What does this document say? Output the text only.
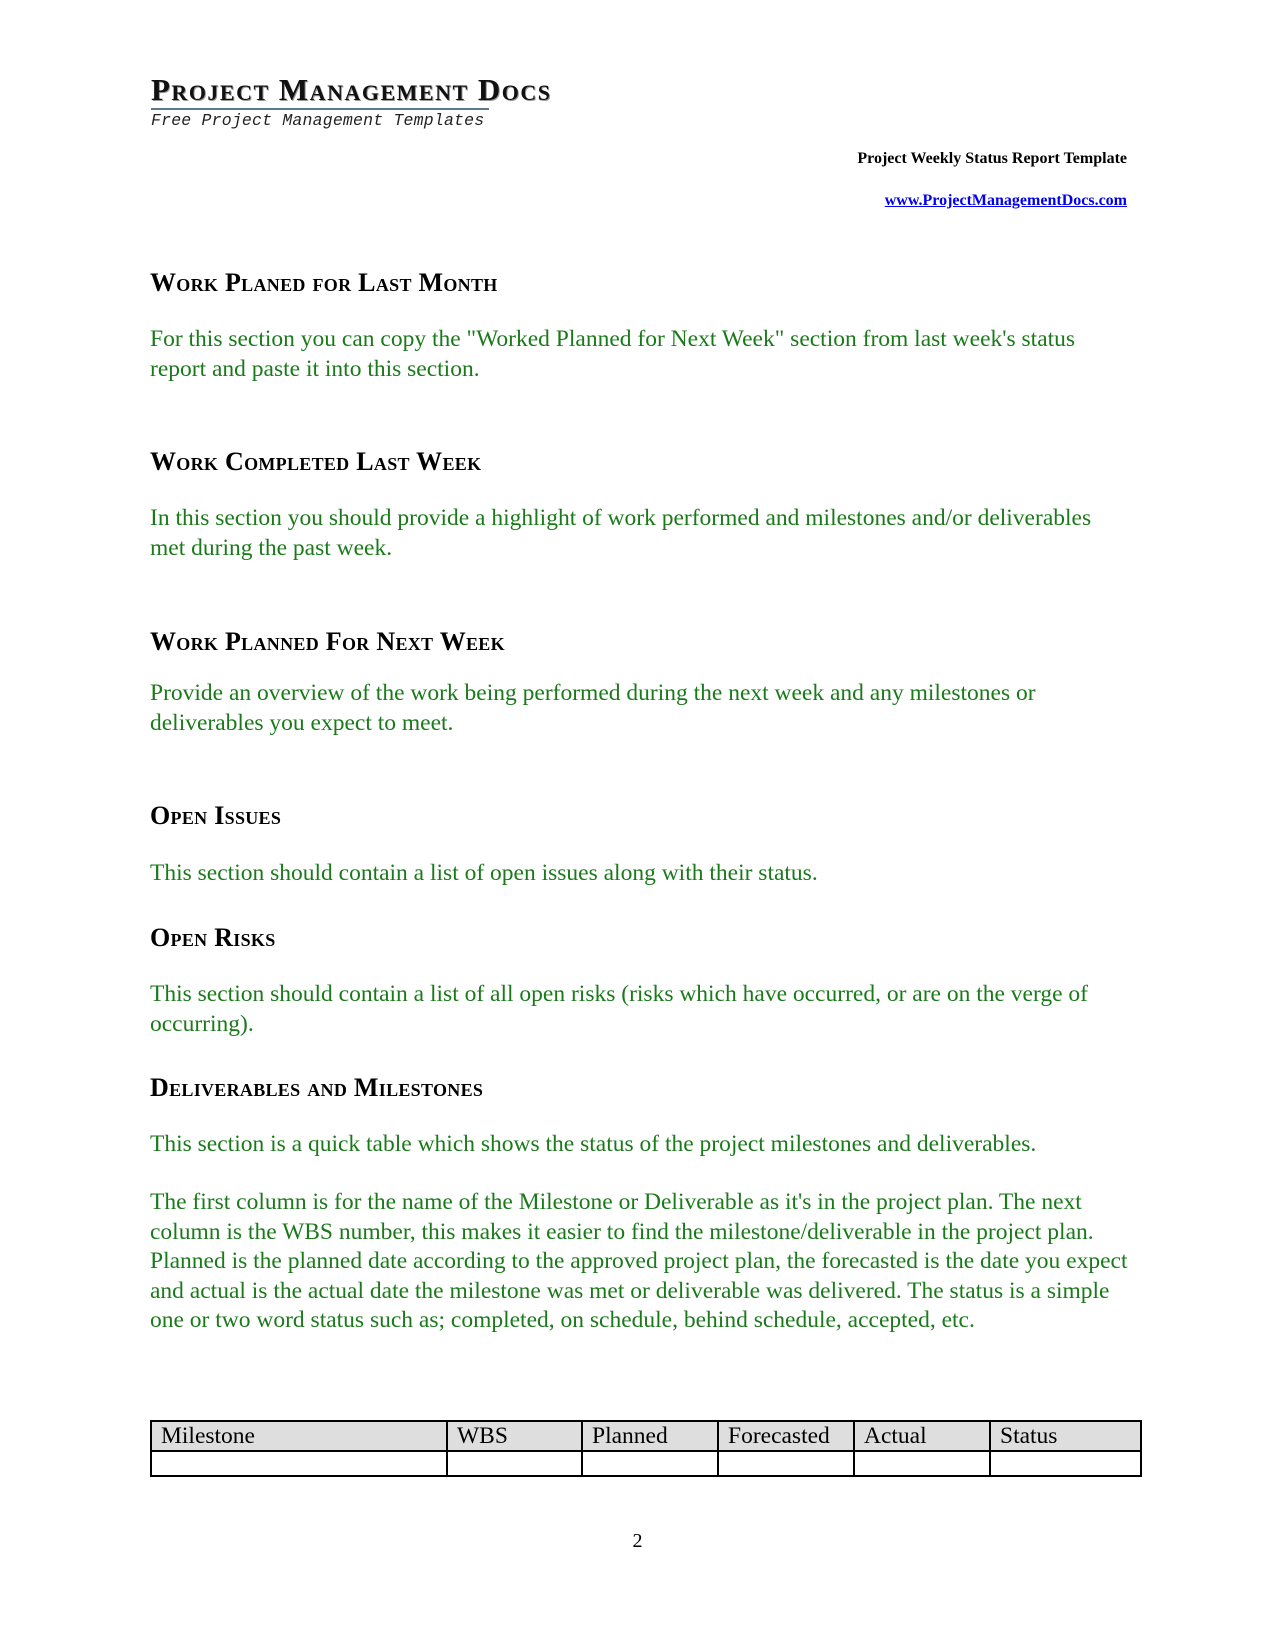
Project Management Docs
Free Project Management Templates
Project Weekly Status Report Template
www.ProjectManagementDocs.com
Work Planed for Last Month
For this section you can copy the "Worked Planned for Next Week" section from last week's status report and paste it into this section.
Work Completed Last Week
In this section you should provide a highlight of work performed and milestones and/or deliverables met during the past week.
Work Planned For Next Week
Provide an overview of the work being performed during the next week and any milestones or deliverables you expect to meet.
Open Issues
This section should contain a list of open issues along with their status.
Open Risks
This section should contain a list of all open risks (risks which have occurred, or are on the verge of occurring).
Deliverables and Milestones
This section is a quick table which shows the status of the project milestones and deliverables.
The first column is for the name of the Milestone or Deliverable as it's in the project plan. The next column is the WBS number, this makes it easier to find the milestone/deliverable in the project plan. Planned is the planned date according to the approved project plan, the forecasted is the date you expect and actual is the actual date the milestone was met or deliverable was delivered. The status is a simple one or two word status such as; completed, on schedule, behind schedule, accepted, etc.
Milestone	WBS	Planned	Forecasted	Actual	Status

2
